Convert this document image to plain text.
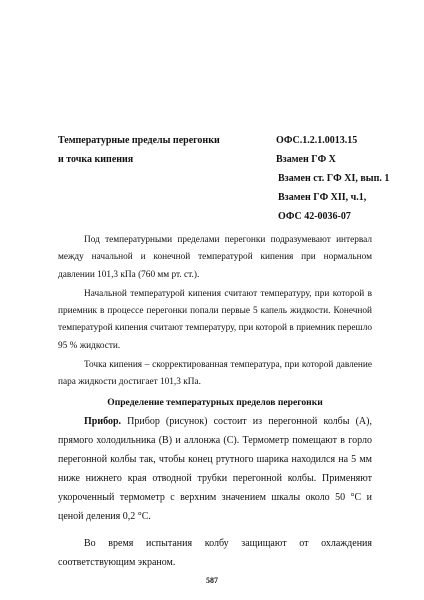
Температурные пределы перегонки
и точка кипения
ОФС.1.2.1.0013.15
Взамен ГФ X
Взамен ст. ГФ XI, вып. 1
Взамен ГФ XII, ч.1,
ОФС 42-0036-07

Под температурными пределами перегонки подразумевают интервал между начальной и конечной температурой кипения при нормальном давлении 101,3 кПа (760 мм рт. ст.).

Начальной температурой кипения считают температуру, при которой в приемник в процессе перегонки попали первые 5 капель жидкости. Конечной температурой кипения считают температуру, при которой в приемник перешло 95 % жидкости.

Точка кипения – скорректированная температура, при которой давление пара жидкости достигает 101,3 кПа.

Определение температурных пределов перегонки

Прибор. Прибор (рисунок) состоит из перегонной колбы (А), прямого холодильника (В) и аллонжа (С). Термометр помещают в горло перегонной колбы так, чтобы конец ртутного шарика находился на 5 мм ниже нижнего края отводной трубки перегонной колбы. Применяют укороченный термометр с верхним значением шкалы около 50 °С и ценой деления 0,2 °С.

Во время испытания колбу защищают от охлаждения соответствующим экраном.

587
